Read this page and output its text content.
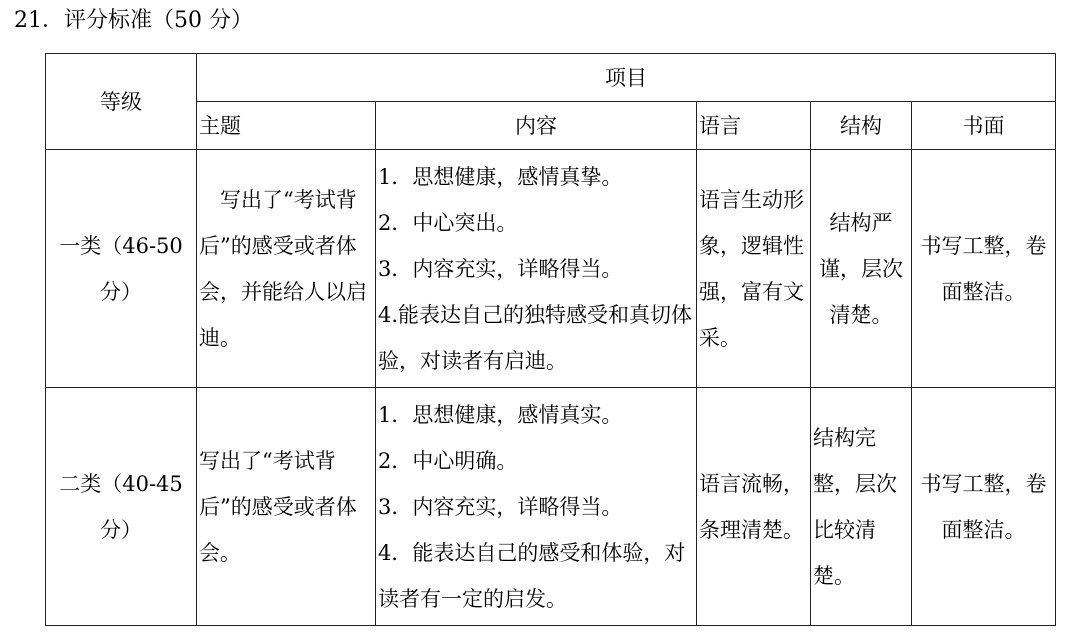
21．评分标准（50 分）
等级	项目				
	主题	内容	语言	结构	书面
一类（46-50 分）	写出了“考试背后”的感受或者体会，并能给人以启迪。	1．思想健康，感情真挚。
2．中心突出。
3．内容充实，详略得当。
4.能表达自己的独特感受和真切体验，对读者有启迪。	语言生动形象，逻辑性强，富有文采。	结构严谨，层次清楚。	书写工整，卷面整洁。
二类（40-45 分）	写出了“考试背后”的感受或者体会。	1．思想健康，感情真实。
2．中心明确。
3．内容充实，详略得当。
4．能表达自己的感受和体验，对读者有一定的启发。	语言流畅，条理清楚。	结构完整，层次比较清楚。	书写工整，卷面整洁。
